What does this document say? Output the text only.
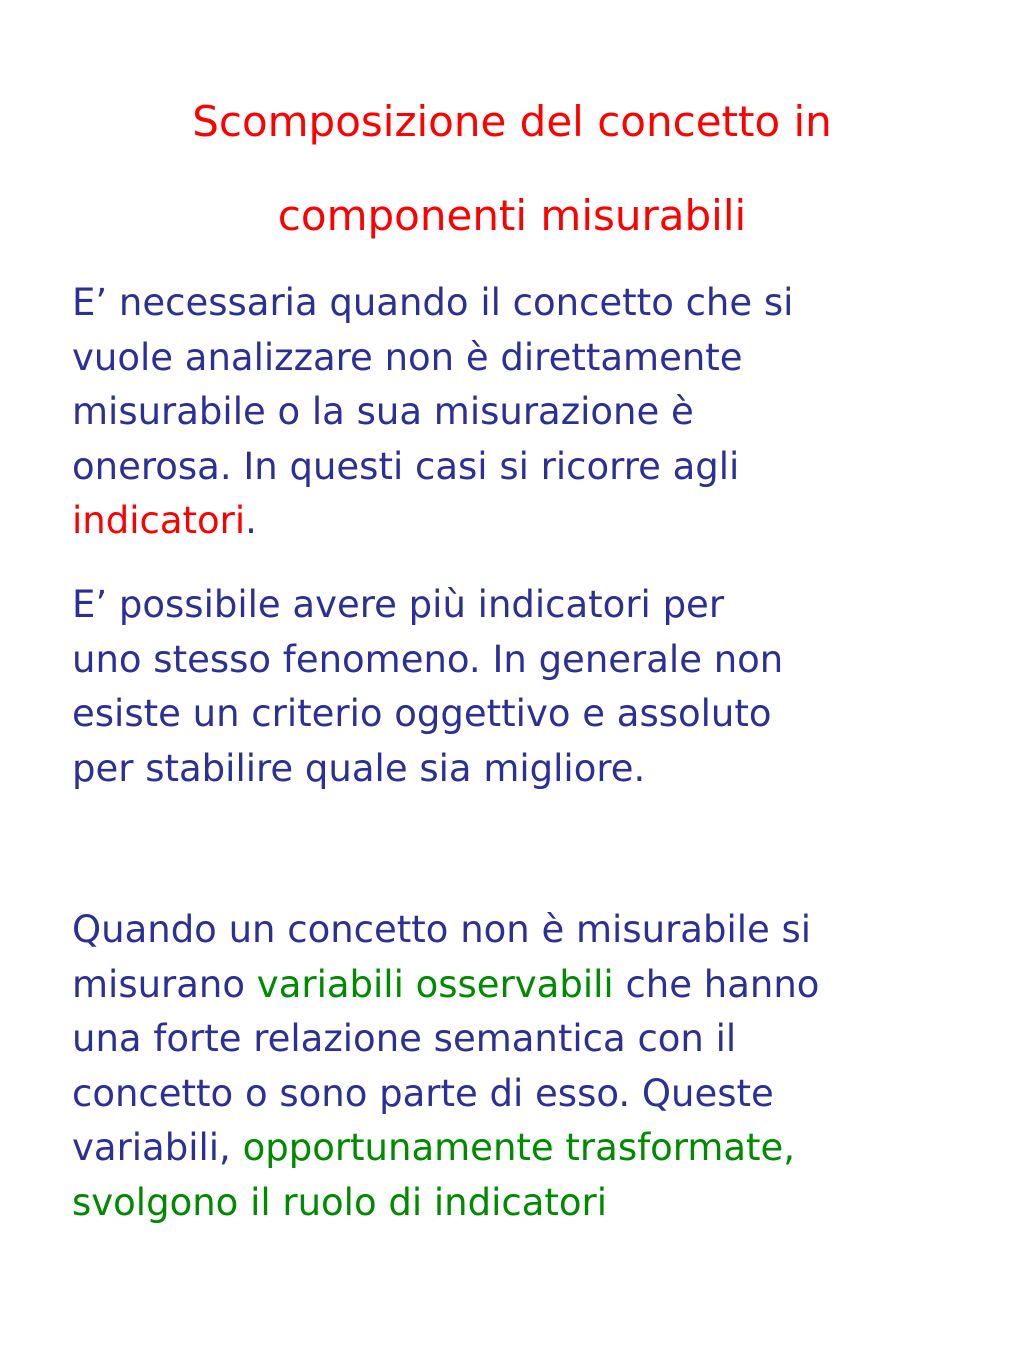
Scomposizione del concetto in
componenti misurabili
E’ necessaria quando il concetto che si
vuole analizzare non è direttamente
misurabile o la sua misurazione è
onerosa. In questi casi si ricorre agli
indicatori.
E’ possibile avere più indicatori per
uno stesso fenomeno. In generale non
esiste un criterio oggettivo e assoluto
per stabilire quale sia migliore.
Quando un concetto non è misurabile si
misurano variabili osservabili che hanno
una forte relazione semantica con il
concetto o sono parte di esso. Queste
variabili, opportunamente trasformate,
svolgono il ruolo di indicatori
